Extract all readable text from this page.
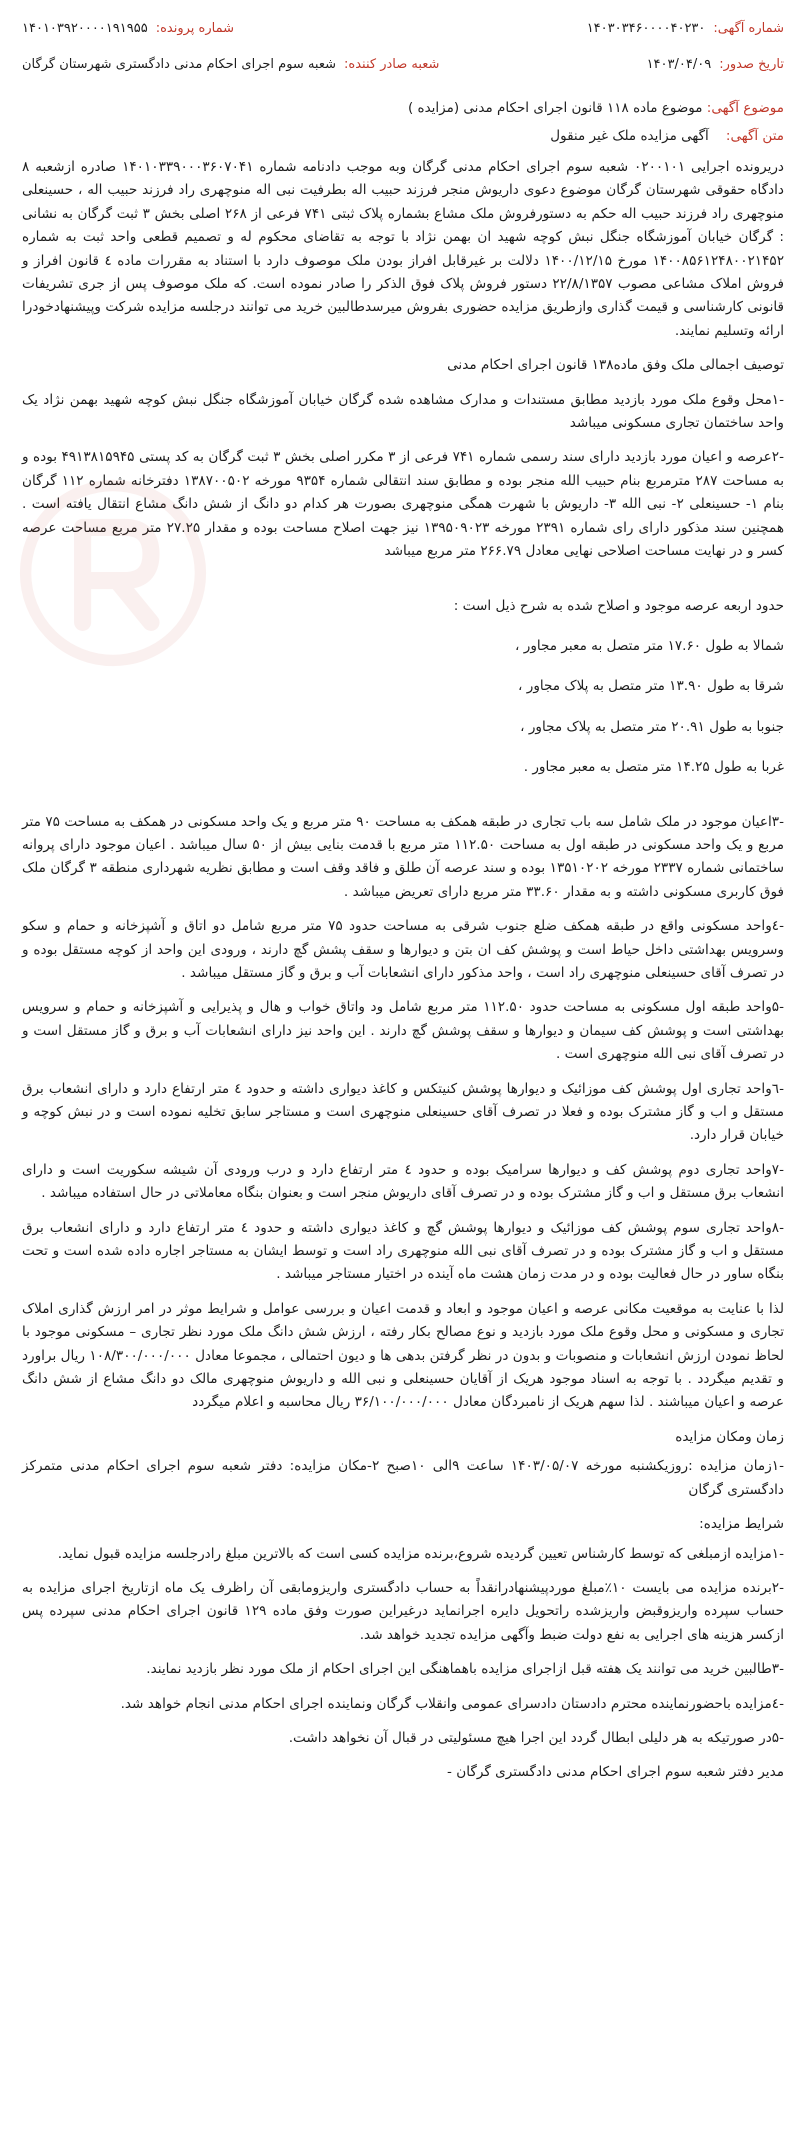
شماره آگهی:
۱۴۰۳۰۳۴۶۰۰۰۰۴۰۲۳۰
شماره پرونده:
۱۴۰۱۰۳۹۲۰۰۰۰۱۹۱۹۵۵
تاریخ صدور:
۱۴۰۳/۰۴/۰۹
شعبه صادر کننده:
شعبه سوم اجرای احکام مدنی دادگستری شهرستان گرگان
موضوع آگهی: موضوع ماده ۱۱۸ قانون اجرای احکام مدنی (مزایده )
متن آگهی:    آگهی مزایده ملک غیر منقول

دریرونده اجرایی ۰۲۰۰۱۰۱ شعبه سوم اجرای احکام مدنی گرگان وبه موجب دادنامه شماره ۱۴۰۱۰۳۳۹۰۰۰۳۶۰۷۰۴۱ صادره ازشعبه ۸ دادگاه حقوقی شهرستان گرگان موضوع دعوی داریوش منجر فرزند حبیب اله بطرفیت نبی اله منوچهری راد فرزند حبیب اله ، حسینعلی منوچهری راد فرزند حبیب اله حکم به دستورفروش ملک مشاع بشماره پلاک ثبتی ۷۴۱ فرعی از ۲۶۸ اصلی بخش ۳ ثبت گرگان به نشانی : گرگان خیابان آموزشگاه جنگل نبش کوچه شهید ان بهمن نژاد با توجه به تقاضای محکوم له و تصمیم قطعی واحد ثبت به شماره ۱۴۰۰۸۵۶۱۲۴۸۰۰۲۱۴۵۲ مورخ ۱۴۰۰/۱۲/۱۵ دلالت بر غیرقابل افراز بودن ملک موصوف دارد با استناد به مقررات ماده ٤ قانون افراز و فروش املاک مشاعی مصوب ۲۲/۸/۱۳۵۷ دستور فروش پلاک فوق الذکر را صادر نموده است. که ملک موصوف پس از جری تشریفات قانونی کارشناسی و قیمت گذاری وازطریق مزایده حضوری بفروش میرسدطالبین خرید می توانند درجلسه مزایده شرکت وپیشنهادخودرا ارائه وتسلیم نمایند.

توصیف اجمالی ملک وفق ماده۱۳۸ قانون اجرای احکام مدنی

-۱محل وقوع ملک مورد بازدید مطابق مستندات و مدارک مشاهده شده گرگان خیابان آموزشگاه جنگل نبش کوچه شهید بهمن نژاد یک واحد ساختمان تجاری مسکونی میباشد

-۲عرصه و اعیان مورد بازدید دارای سند رسمی شماره ۷۴۱ فرعی از ۳ مکرر اصلی بخش ۳ ثبت گرگان به کد پستی ۴۹۱۳۸۱۵۹۴۵ بوده و به مساحت ۲۸۷ مترمربع بنام حبیب الله منجر بوده و مطابق سند انتقالی شماره ۹۳۵۴ مورخه ۱۳۸۷۰۰۵۰۲ دفترخانه شماره ۱۱۲ گرگان بنام ۱- حسینعلی ۲- نبی الله ۳- داریوش با شهرت همگی منوچهری بصورت هر کدام دو دانگ از شش دانگ مشاع انتقال یافته است . همچنین سند مذکور دارای رای شماره ۲۳۹۱ مورخه ۱۳۹۵۰۹۰۲۳ نیز جهت اصلاح مساحت بوده و مقدار ۲۷.۲۵ متر مربع مساحت عرصه کسر و در نهایت مساحت اصلاحی نهایی معادل ۲۶۶.۷۹ متر مربع میباشد

حدود اربعه عرصه موجود و اصلاح شده به شرح ذیل است :

شمالا به طول ۱۷.۶۰ متر متصل به معبر مجاور ،

شرقا به طول ۱۳.۹۰ متر متصل به پلاک مجاور ،

جنوبا به طول ۲۰.۹۱ متر متصل به پلاک مجاور ،

غربا به طول ۱۴.۲۵ متر متصل به معبر مجاور .

-۳اعیان موجود در ملک شامل سه باب تجاری در طبقه همکف به مساحت ۹۰ متر مربع و یک واحد مسکونی در همکف به مساحت ۷۵ متر مربع و یک واحد مسکونی در طبقه اول به مساحت ۱۱۲.۵۰ متر مربع با قدمت بنایی بیش از ۵۰ سال میباشد . اعیان موجود دارای پروانه ساختمانی شماره ۲۳۳۷ مورخه ۱۳۵۱۰۲۰۲ بوده و سند عرصه آن طلق و فاقد وقف است و مطابق نظریه شهرداری منطقه ۳ گرگان ملک فوق کاربری مسکونی داشته و به مقدار ۳۳.۶۰ متر مربع دارای تعریض میباشد .

-٤واحد مسکونی واقع در طبقه همکف ضلع جنوب شرقی به مساحت حدود ۷۵ متر مربع شامل دو اتاق و آشپزخانه و حمام و سکو وسرویس بهداشتی داخل حیاط است و پوشش کف ان بتن و دیوارها و سقف پشش گچ دارند ، ورودی این واحد از کوچه مستقل بوده و در تصرف آقای حسینعلی منوچهری راد است ، واحد مذکور دارای انشعابات آب و برق و گاز مستقل میباشد .

-۵واحد طبقه اول مسکونی به مساحت حدود ۱۱۲.۵۰ متر مربع شامل ود واتاق خواب و هال و پذیرایی و آشپزخانه و حمام و سرویس بهداشتی است و پوشش کف سیمان و دیوارها و سقف پوشش گچ دارند . این واحد نیز دارای انشعابات آب و برق و گاز مستقل است و در تصرف آقای نبی الله منوچهری است .

-٦واحد تجاری اول پوشش کف موزائیک و دیوارها پوشش کنیتکس و کاغذ دیواری داشته و حدود ٤ متر ارتفاع دارد و دارای انشعاب برق مستقل و اب و گاز مشترک بوده و فعلا در تصرف آقای حسینعلی منوچهری است و مستاجر سابق تخلیه نموده است و در نبش کوچه و خیابان قرار دارد.

-۷واحد تجاری دوم پوشش کف و دیوارها سرامیک بوده و حدود ٤ متر ارتفاع دارد و درب ورودی آن شیشه سکوریت است و دارای انشعاب برق مستقل و اب و گاز مشترک بوده و در تصرف آقای داریوش منجر است و بعنوان بنگاه معاملاتی در حال استفاده میباشد .

-۸واحد تجاری سوم پوشش کف موزائیک و دیوارها پوشش گچ و کاغذ دیواری داشته و حدود ٤ متر ارتفاع دارد و دارای انشعاب برق مستقل و اب و گاز مشترک بوده و در تصرف آقای نبی الله منوچهری راد است و توسط ایشان به مستاجر اجاره داده شده است و تحت بنگاه ساور در حال فعالیت بوده و در مدت زمان هشت ماه آینده در اختیار مستاجر میباشد .

لذا با عنایت به موقعیت مکانی عرصه و اعیان موجود و ابعاد و قدمت اعیان و بررسی عوامل و شرایط موثر در امر ارزش گذاری املاک تجاری و مسکونی و محل وقوع ملک مورد بازدید و نوع مصالح بکار رفته ، ارزش شش دانگ ملک مورد نظر تجاری – مسکونی موجود با لحاظ نمودن ارزش انشعابات و منصوبات و بدون در نظر گرفتن بدهی ها و دیون احتمالی ، مجموعا معادل ۱۰۸/۳۰۰/۰۰۰/۰۰۰ ریال براورد و تقدیم میگردد . با توجه به اسناد موجود هریک از آقایان حسینعلی و نبی الله و داریوش منوچهری مالک دو دانگ مشاع از شش دانگ عرصه و اعیان میباشند . لذا سهم هریک از نامبردگان معادل ۳۶/۱۰۰/۰۰۰/۰۰۰ ریال محاسبه و اعلام میگردد

زمان ومکان مزایده

-۱زمان مزایده :روزیکشنبه مورخه ۱۴۰۳/۰۵/۰۷ ساعت ۹الی ۱۰صبح ۲-مکان مزایده: دفتر شعبه سوم اجرای احکام مدنی متمرکز دادگستری گرگان

شرایط مزایده:

-۱مزایده ازمبلغی که توسط کارشناس تعیین گردیده شروع،برنده مزایده کسی است که بالاترین مبلغ رادرجلسه مزایده قبول نماید.

-۲برنده مزایده می بایست ۱۰٪مبلغ موردپیشنهادرانقداً به حساب دادگستری واریزوما‌بقی آن راظرف یک ماه ازتاریخ اجرای مزایده به حساب سپرده واریزوقبض واریزشده راتحویل دایره اجرانماید درغیراین صورت وفق ماده ۱۲۹ قانون اجرای احکام مدنی سپرده پس ازکسر هزینه های اجرایی به نفع دولت ضبط وآگهی مزایده تجدید خواهد شد.

-۳طالبین خرید می توانند یک هفته قبل ازاجرای مزایده باهماهنگی این اجرای احکام از ملک مورد نظر بازدید نمایند.

-٤مزایده باحضورنماینده محترم دادستان دادسرای عمومی وانقلاب گرگان ونماینده اجرای احکام مدنی انجام خواهد شد.

-۵در صورتیکه به هر دلیلی ابطال گردد این اجرا هیچ مسئولیتی در قبال آن نخواهد داشت.

مدیر دفتر شعبه سوم اجرای احکام مدنی دادگستری گرگان -
